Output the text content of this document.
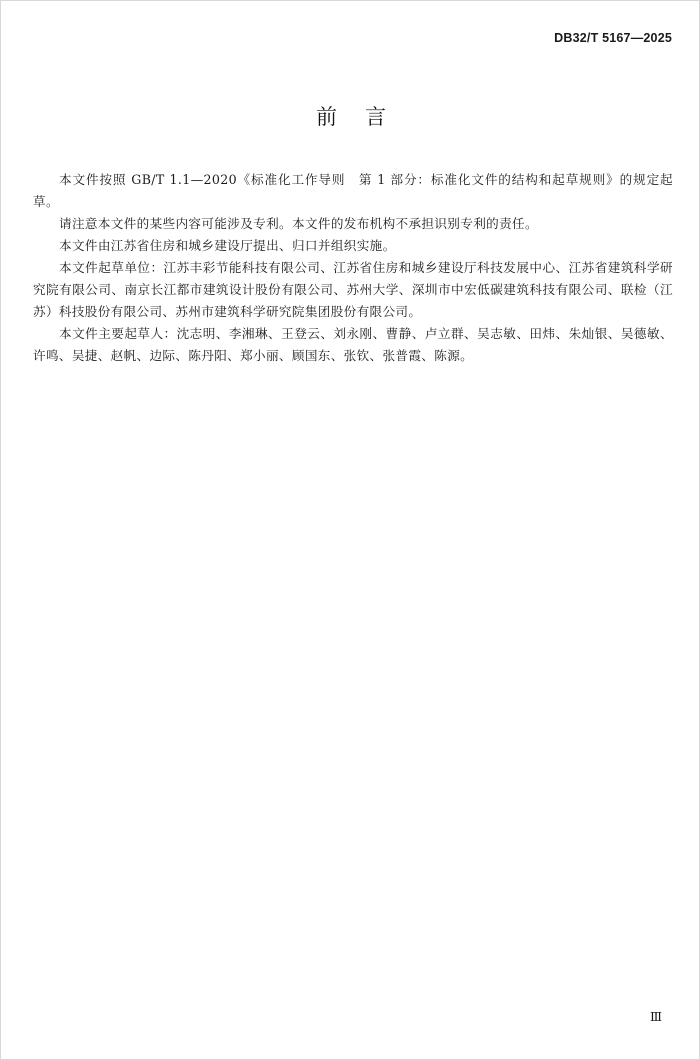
DB32/T 5167—2025
前言

本文件按照 GB/T 1.1—2020《标准化工作导则　第 1 部分：标准化文件的结构和起草规则》的规定起草。

请注意本文件的某些内容可能涉及专利。本文件的发布机构不承担识别专利的责任。

本文件由江苏省住房和城乡建设厅提出、归口并组织实施。

本文件起草单位：江苏丰彩节能科技有限公司、江苏省住房和城乡建设厅科技发展中心、江苏省建筑科学研究院有限公司、南京长江都市建筑设计股份有限公司、苏州大学、深圳市中宏低碳建筑科技有限公司、联检（江苏）科技股份有限公司、苏州市建筑科学研究院集团股份有限公司。

本文件主要起草人：沈志明、李湘琳、王登云、刘永刚、曹静、卢立群、吴志敏、田炜、朱灿银、吴德敏、许鸣、吴捷、赵帆、边际、陈丹阳、郑小丽、顾国东、张钦、张普霞、陈源。

Ⅲ
